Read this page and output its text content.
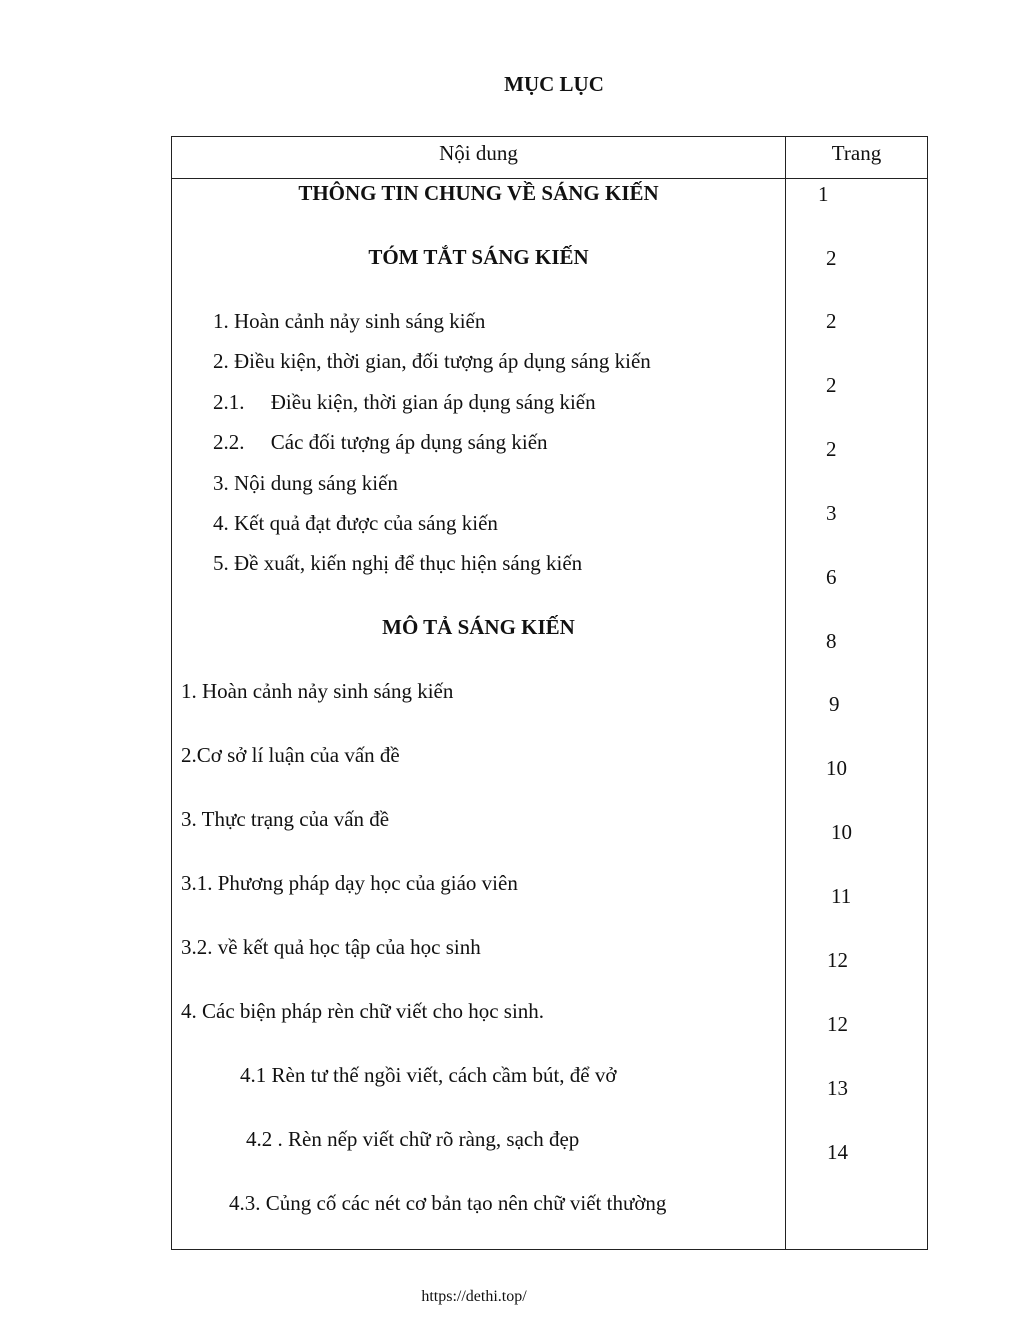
MỤC LỤC
Nội dung	Trang
THÔNG TIN CHUNG VỀ SÁNG KIẾN
TÓM TẮT SÁNG KIẾN
1. Hoàn cảnh nảy sinh sáng kiến
2. Điều kiện, thời gian, đối tượng áp dụng sáng kiến
2.1.     Điều kiện, thời gian áp dụng sáng kiến
2.2.     Các đối tượng áp dụng sáng kiến
3. Nội dung sáng kiến
4. Kết quả đạt được của sáng kiến
5. Đề xuất, kiến nghị để thục hiện sáng kiến
MÔ TẢ SÁNG KIẾN
1. Hoàn cảnh nảy sinh sáng kiến
2.Cơ sở lí luận của vấn đề
3. Thực trạng của vấn đề
3.1. Phương pháp dạy học của giáo viên
3.2. về kết quả học tập của học sinh
4. Các biện pháp rèn chữ viết cho học sinh.
4.1 Rèn tư thế ngồi viết, cách cầm bút, để vở
4.2 . Rèn nếp viết chữ rõ ràng, sạch đẹp
4.3. Củng cố các nét cơ bản tạo nên chữ viết thường
1
2
2
2
2
3
6
8
9
10
10
11
12
12
13
14
https://dethi.top/
